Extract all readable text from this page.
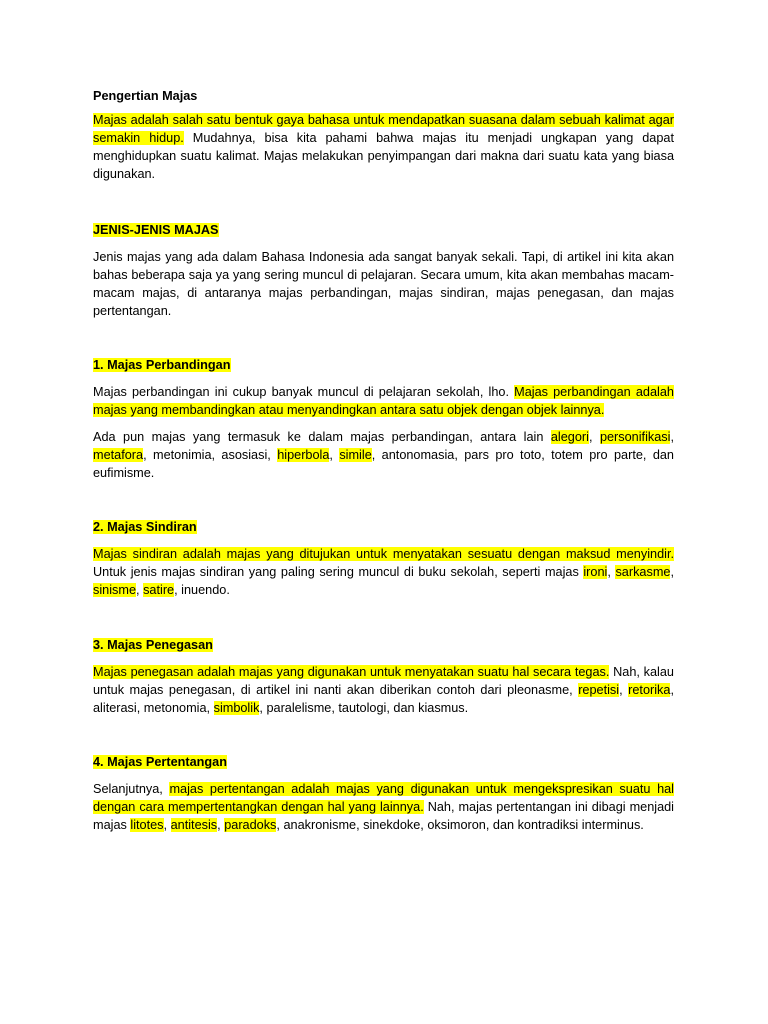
Pengertian Majas

Majas adalah salah satu bentuk gaya bahasa untuk mendapatkan suasana dalam sebuah kalimat agar semakin hidup. Mudahnya, bisa kita pahami bahwa majas itu menjadi ungkapan yang dapat menghidupkan suatu kalimat. Majas melakukan penyimpangan dari makna dari suatu kata yang biasa digunakan.

JENIS-JENIS MAJAS

Jenis majas yang ada dalam Bahasa Indonesia ada sangat banyak sekali. Tapi, di artikel ini kita akan bahas beberapa saja ya yang sering muncul di pelajaran. Secara umum, kita akan membahas macam-macam majas, di antaranya majas perbandingan, majas sindiran, majas penegasan, dan majas pertentangan.

1. Majas Perbandingan

Majas perbandingan ini cukup banyak muncul di pelajaran sekolah, lho. Majas perbandingan adalah majas yang membandingkan atau menyandingkan antara satu objek dengan objek lainnya.

Ada pun majas yang termasuk ke dalam majas perbandingan, antara lain alegori, personifikasi, metafora, metonimia, asosiasi, hiperbola, simile, antonomasia, pars pro toto, totem pro parte, dan eufimisme.

2. Majas Sindiran

Majas sindiran adalah majas yang ditujukan untuk menyatakan sesuatu dengan maksud menyindir. Untuk jenis majas sindiran yang paling sering muncul di buku sekolah, seperti majas ironi, sarkasme, sinisme, satire, inuendo.

3. Majas Penegasan

Majas penegasan adalah majas yang digunakan untuk menyatakan suatu hal secara tegas. Nah, kalau untuk majas penegasan, di artikel ini nanti akan diberikan contoh dari pleonasme, repetisi, retorika, aliterasi, metonomia, simbolik, paralelisme, tautologi, dan kiasmus.

4. Majas Pertentangan

Selanjutnya, majas pertentangan adalah majas yang digunakan untuk mengekspresikan suatu hal dengan cara mempertentangkan dengan hal yang lainnya. Nah, majas pertentangan ini dibagi menjadi majas litotes, antitesis, paradoks, anakronisme, sinekdoke, oksimoron, dan kontradiksi interminus.
